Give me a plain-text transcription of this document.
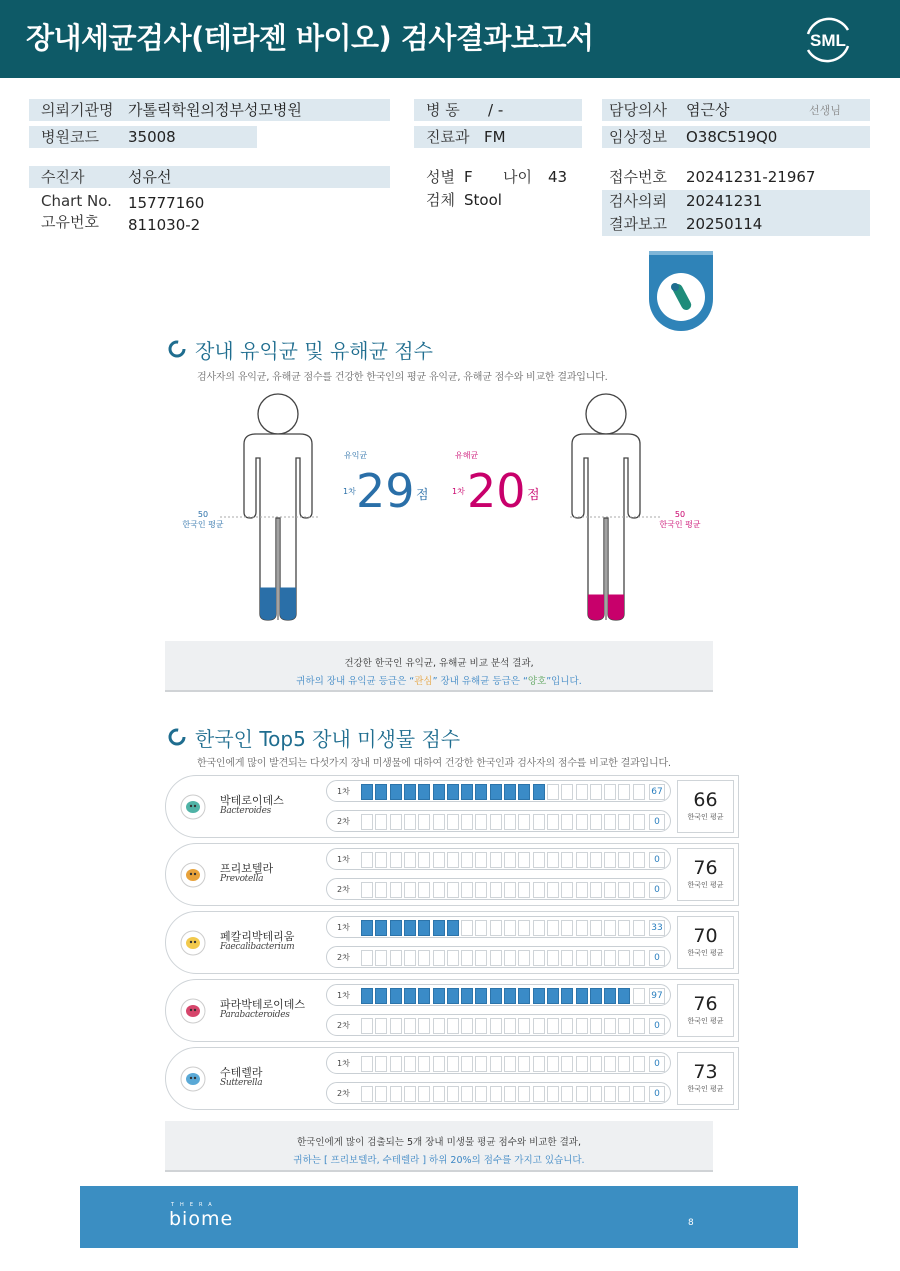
장내세균검사(테라젠 바이오) 검사결과보고서	SML
의뢰기관명 가톨릭학원의정부성모병원
병원코드 35008
병 동 / -
진료과 FM
담당의사 염근상	선생님
임상정보 O38C519Q0
수진자	성유선
Chart No. 15777160
고유번호 811030-2
성별 F 나이 43
검체 Stool
접수번호 20241231-21967
검사의뢰 20241231
결과보고 20250114
장내 유익균 및 유해균 점수
검사자의 유익균, 유해균 점수를 건강한 한국인의 평균 유익균, 유해균 점수와 비교한 결과입니다.
50
한국인 평균
50
한국인 평균
유익균
1차 29 점
유해균
1차 20 점
건강한 한국인 유익균, 유해균 비교 분석 결과,
귀하의 장내 유익균 등급은 “관심” 장내 유해균 등급은 “양호”입니다.
한국인 Top5 장내 미생물 점수
한국인에게 많이 발견되는 다섯가지 장내 미생물에 대하여 건강한 한국인과 검사자의 점수를 비교한 결과입니다.
박테로이데스
Bacteroides
1차	67
2차	0
66
한국인 평균
프리보텔라
Prevotella
1차	0
2차	0
76
한국인 평균
페칼리박테리움
Faecalibacterium
1차	33
2차	0
70
한국인 평균
파라박테로이데스
Parabacteroides
1차	97
2차	0
76
한국인 평균
수테렐라
Sutterella
1차	0
2차	0
73
한국인 평균
한국인에게 많이 검출되는 5개 장내 미생물 평균 점수와 비교한 결과,
귀하는 [ 프리보텔라, 수테렐라 ] 하위 20%의 점수를 가지고 있습니다.
THERA
biome	8
